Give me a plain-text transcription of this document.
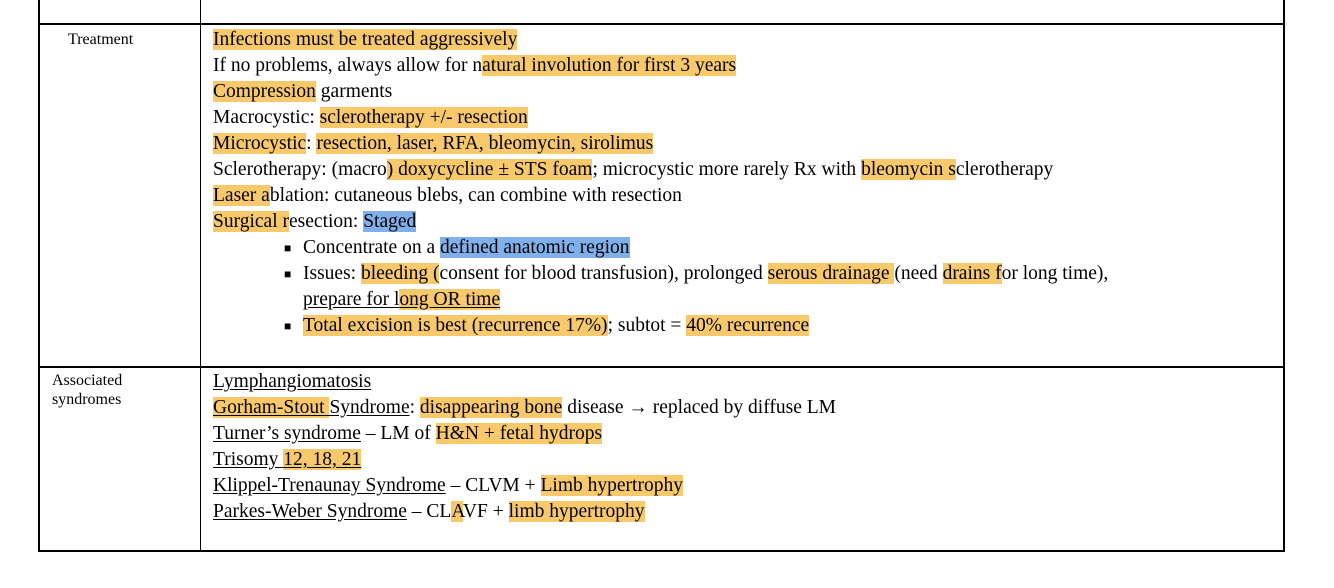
Treatment	Infections must be treated aggressively
If no problems, always allow for natural involution for first 3 years
Compression garments
Macrocystic: sclerotherapy +/- resection
Microcystic: resection, laser, RFA, bleomycin, sirolimus
Sclerotherapy: (macro) doxycycline ± STS foam; microcystic more rarely Rx with bleomycin sclerotherapy
Laser ablation: cutaneous blebs, can combine with resection
Surgical resection: Staged
■ Concentrate on a defined anatomic region
■ Issues: bleeding (consent for blood transfusion), prolonged serous drainage (need drains for long time),
prepare for long OR time
■ Total excision is best (recurrence 17%); subtot = 40% recurrence
Associated
syndromes
Lymphangiomatosis
Gorham-Stout Syndrome: disappearing bone disease → replaced by diffuse LM
Turner’s syndrome – LM of H&N + fetal hydrops
Trisomy 12, 18, 21
Klippel-Trenaunay Syndrome – CLVM + Limb hypertrophy
Parkes-Weber Syndrome – CLAVF + limb hypertrophy
